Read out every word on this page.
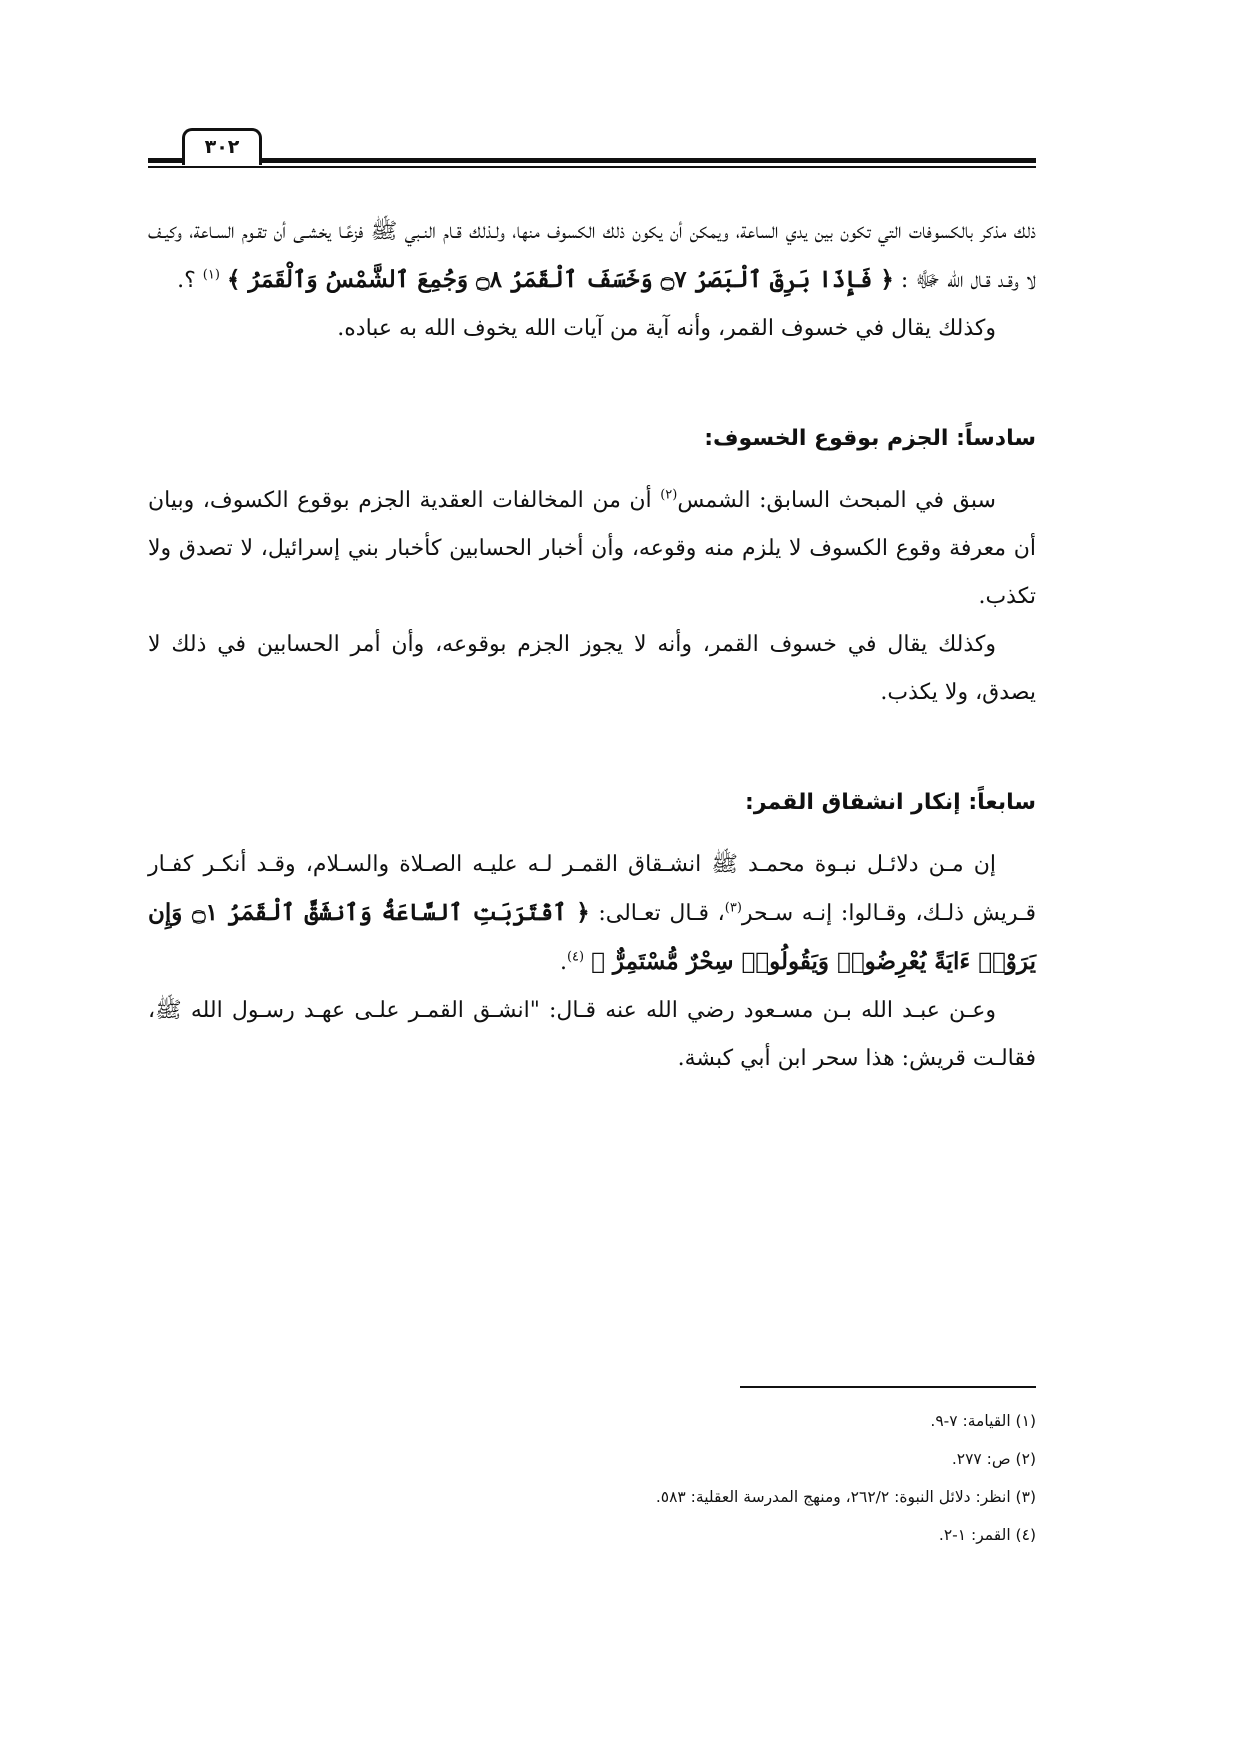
٣٠٢

ذلك مذكر بالكسوفات التي تكون بين يدي الساعة، ويمكن أن يكون ذلك الكسوف منها، ولـذلك قـام النـبي ﷺ فزعًـا يخشـى أن تقـوم السـاعة، وكيـف لا وقـد قـال الله ﷻ : ﴿ فَإِذَا بَرِقَ ٱلْبَصَرُ ۝٧ وَخَسَفَ ٱلْقَمَرُ ۝٨ وَجُمِعَ ٱلشَّمْسُ وَٱلْقَمَرُ ﴾ $^{(١)}$ ؟.

وكذلك يقال في خسوف القمر، وأنه آية من آيات الله يخوف الله به عباده.

سادساً: الجزم بوقوع الخسوف:

سبق في المبحث السابق: الشمس$^{(٢)}$ أن من المخالفات العقدية الجزم بوقوع الكسوف، وبيان أن معرفة وقوع الكسوف لا يلزم منه وقوعه، وأن أخبار الحسابين كأخبار بني إسرائيل، لا تصدق ولا تكذب.

وكذلك يقال في خسوف القمر، وأنه لا يجوز الجزم بوقوعه، وأن أمر الحسابين في ذلك لا يصدق، ولا يكذب.

سابعاً: إنكار انشقاق القمر:

إن مـن دلائـل نبـوة محمـد ﷺ انشـقاق القمـر لـه عليـه الصـلاة والسـلام، وقـد أنكـر كفـار قـريش ذلـك، وقـالوا: إنـه سـحر$^{(٣)}$، قـال تعـالى: ﴿ ٱقْتَرَبَتِ ٱلسَّاعَةُ وَٱنشَقَّ ٱلْقَمَرُ ۝١ وَإِن يَرَوْا۟ ءَايَةً يُعْرِضُوا۟ وَيَقُولُوا۟ سِحْرٌ مُّسْتَمِرٌّ ﴾ $^{(٤)}$.

وعـن عبـد الله بـن مسـعود رضي الله عنه قـال: "انشـق القمـر علـى عهـد رسـول الله ﷺ، فقالـت قريش: هذا سحر ابن أبي كبشة.

(١) القيامة: ٧-٩.
(٢) ص: ٢٧٧.
(٣) انظر: دلائل النبوة: ٢٦٢/٢، ومنهج المدرسة العقلية: ٥٨٣.
(٤) القمر: ١-٢.
